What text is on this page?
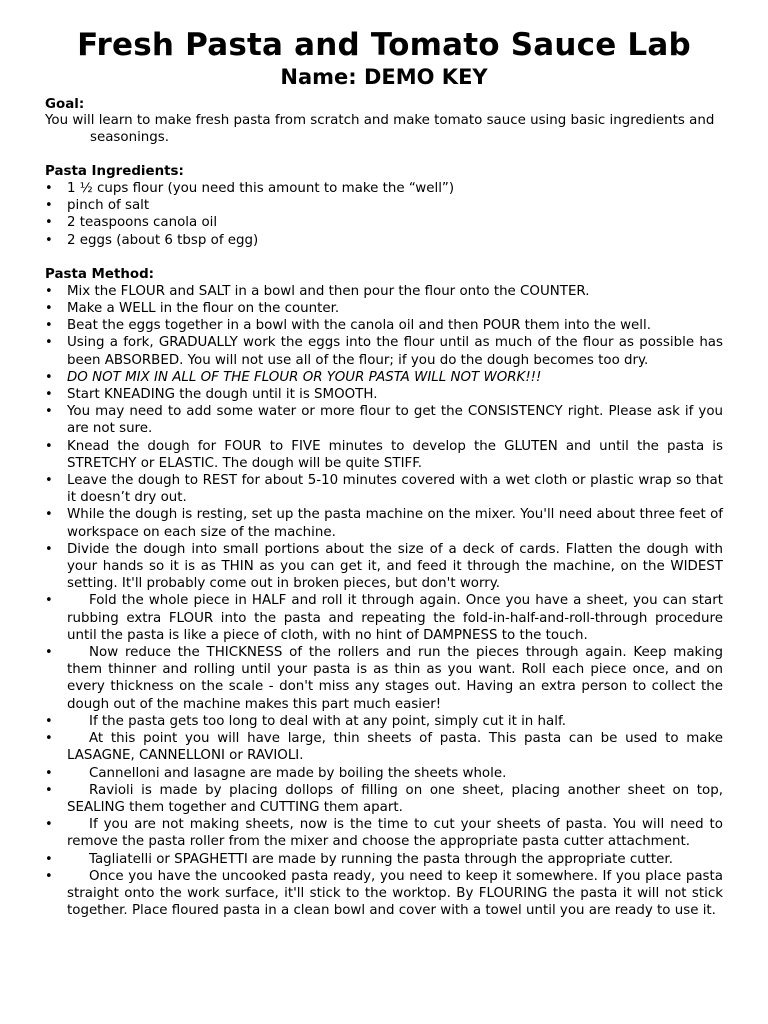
Fresh Pasta and Tomato Sauce Lab
Name: DEMO KEY
Goal:

You will learn to make fresh pasta from scratch and make tomato sauce using basic ingredients and seasonings.

Pasta Ingredients:
•
1 ½ cups flour (you need this amount to make the “well”)
•
pinch of salt
•
2 teaspoons canola oil
•
2 eggs (about 6 tbsp of egg)
Pasta Method:
•
Mix the FLOUR and SALT in a bowl and then pour the flour onto the COUNTER.
•
Make a WELL in the flour on the counter.
•
Beat the eggs together in a bowl with the canola oil and then POUR them into the well.
•
Using a fork, GRADUALLY work the eggs into the flour until as much of the flour as possible has been ABSORBED. You will not use all of the flour; if you do the dough becomes too dry.
•
DO NOT MIX IN ALL OF THE FLOUR OR YOUR PASTA WILL NOT WORK!!!
•
Start KNEADING the dough until it is SMOOTH.
•
You may need to add some water or more flour to get the CONSISTENCY right. Please ask if you are not sure.
•
Knead the dough for FOUR to FIVE minutes to develop the GLUTEN and until the pasta is STRETCHY or ELASTIC. The dough will be quite STIFF.
•
Leave the dough to REST for about 5-10 minutes covered with a wet cloth or plastic wrap so that it doesn’t dry out.
•
While the dough is resting, set up the pasta machine on the mixer. You'll need about three feet of workspace on each size of the machine.
•
Divide the dough into small portions about the size of a deck of cards. Flatten the dough with your hands so it is as THIN as you can get it, and feed it through the machine, on the WIDEST setting. It'll probably come out in broken pieces, but don't worry.
•
Fold the whole piece in HALF and roll it through again. Once you have a sheet, you can start rubbing extra FLOUR into the pasta and repeating the fold-in-half-and-roll-through procedure until the pasta is like a piece of cloth, with no hint of DAMPNESS to the touch.
•
Now reduce the THICKNESS of the rollers and run the pieces through again. Keep making them thinner and rolling until your pasta is as thin as you want. Roll each piece once, and on every thickness on the scale - don't miss any stages out. Having an extra person to collect the dough out of the machine makes this part much easier!
•
If the pasta gets too long to deal with at any point, simply cut it in half.
•
At this point you will have large, thin sheets of pasta. This pasta can be used to make LASAGNE, CANNELLONI or RAVIOLI.
•
Cannelloni and lasagne are made by boiling the sheets whole.
•
Ravioli is made by placing dollops of filling on one sheet, placing another sheet on top, SEALING them together and CUTTING them apart.
•
If you are not making sheets, now is the time to cut your sheets of pasta. You will need to remove the pasta roller from the mixer and choose the appropriate pasta cutter attachment.
•
Tagliatelli or SPAGHETTI are made by running the pasta through the appropriate cutter.
•
Once you have the uncooked pasta ready, you need to keep it somewhere. If you place pasta straight onto the work surface, it'll stick to the worktop. By FLOURING the pasta it will not stick together. Place floured pasta in a clean bowl and cover with a towel until you are ready to use it.
